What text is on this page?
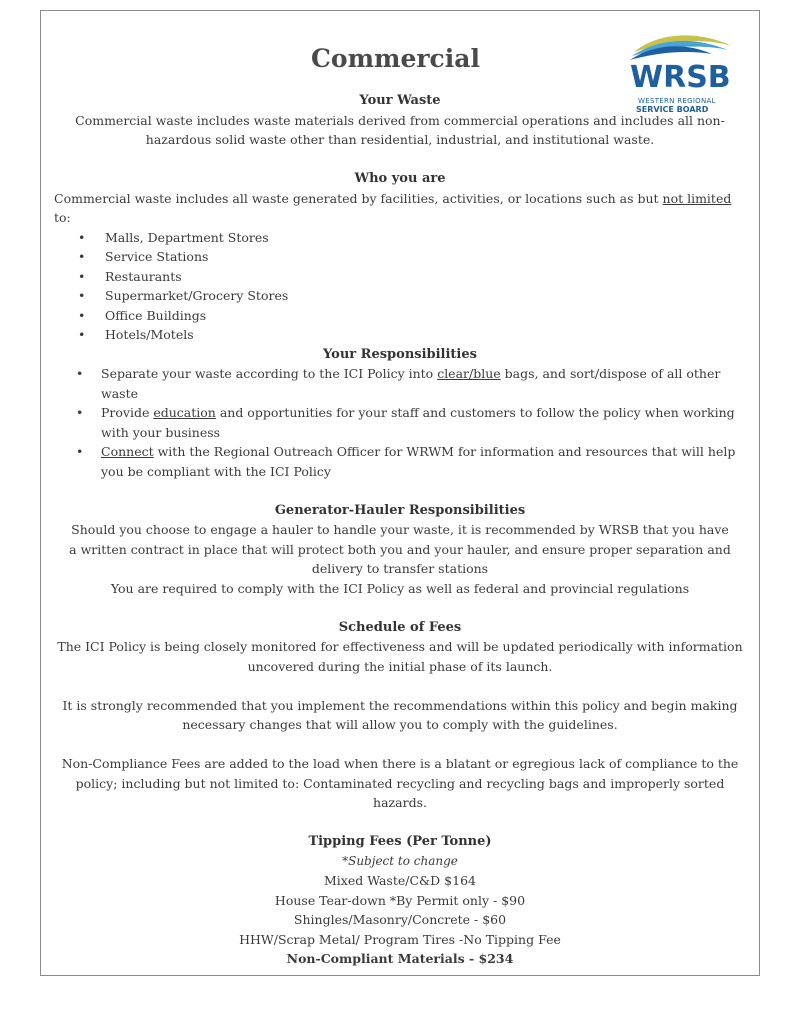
Commercial
WRSB
WESTERN REGIONAL
SERVICE BOARD
Your Waste
Commercial waste includes waste materials derived from commercial operations and includes all non-hazardous solid waste other than residential, industrial, and institutional waste.
Who you are
Commercial waste includes all waste generated by facilities, activities, or locations such as but not limited to:
• Malls, Department Stores
• Service Stations
• Restaurants
• Supermarket/Grocery Stores
• Office Buildings
• Hotels/Motels
Your Responsibilities
• Separate your waste according to the ICI Policy into clear/blue bags, and sort/dispose of all other waste
• Provide education and opportunities for your staff and customers to follow the policy when working with your business
• Connect with the Regional Outreach Officer for WRWM for information and resources that will help you be compliant with the ICI Policy
Generator-Hauler Responsibilities
Should you choose to engage a hauler to handle your waste, it is recommended by WRSB that you have a written contract in place that will protect both you and your hauler, and ensure proper separation and delivery to transfer stations
You are required to comply with the ICI Policy as well as federal and provincial regulations
Schedule of Fees
The ICI Policy is being closely monitored for effectiveness and will be updated periodically with information uncovered during the initial phase of its launch.
It is strongly recommended that you implement the recommendations within this policy and begin making necessary changes that will allow you to comply with the guidelines.
Non-Compliance Fees are added to the load when there is a blatant or egregious lack of compliance to the policy; including but not limited to: Contaminated recycling and recycling bags and improperly sorted hazards.
Tipping Fees (Per Tonne)
*Subject to change
Mixed Waste/C&D $164
House Tear-down *By Permit only - $90
Shingles/Masonry/Concrete - $60
HHW/Scrap Metal/ Program Tires -No Tipping Fee
Non-Compliant Materials - $234
